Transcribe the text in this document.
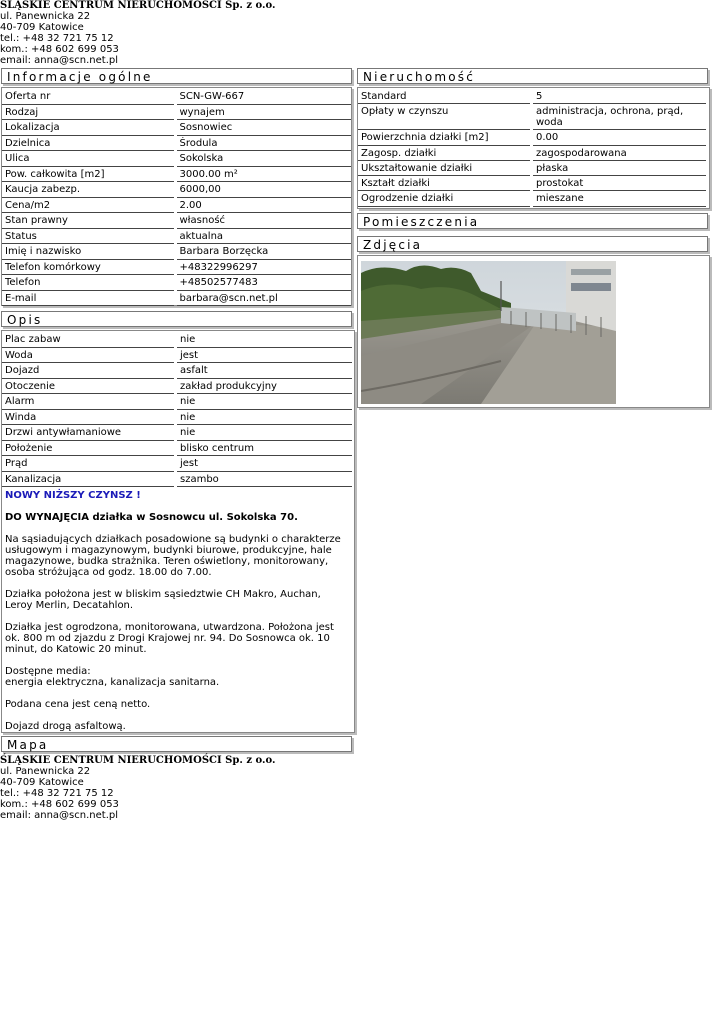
ŚLĄSKIE CENTRUM NIERUCHOMOŚCI Sp. z o.o.
ul. Panewnicka 22
40-709 Katowice
tel.: +48 32 721 75 12
kom.: +48 602 699 053
email: anna@scn.net.pl
Informacje ogólne
Oferta nr	SCN-GW-667
Rodzaj	wynajem
Lokalizacja	Sosnowiec
Dzielnica	Środula
Ulica	Sokolska
Pow. całkowita [m2]	3000.00 m²
Kaucja zabezp.	6000,00
Cena/m2	2.00
Stan prawny	własność
Status	aktualna
Imię i nazwisko	Barbara Borzęcka
Telefon komórkowy	+48322996297
Telefon	+48502577483
E-mail	barbara@scn.net.pl
Opis
Plac zabaw	nie
Woda	jest
Dojazd	asfalt
Otoczenie	zakład produkcyjny
Alarm	nie
Winda	nie
Drzwi antywłamaniowe	nie
Położenie	blisko centrum
Prąd	jest
Kanalizacja	szambo

NOWY NIŻSZY CZYNSZ !

DO WYNAJĘCIA działka w Sosnowcu ul. Sokolska 70.

Na sąsiadujących działkach posadowione są budynki o charakterze usługowym i magazynowym, budynki biurowe, produkcyjne, hale magazynowe, budka strażnika. Teren oświetlony, monitorowany, osoba stróżująca od godz. 18.00 do 7.00.

Działka położona jest w bliskim sąsiedztwie CH Makro, Auchan, Leroy Merlin, Decatahlon.

Działka jest ogrodzona, monitorowana, utwardzona. Położona jest ok. 800 m od zjazdu z Drogi Krajowej nr. 94. Do Sosnowca ok. 10 minut, do Katowic 20 minut.

Dostępne media:
energia elektryczna, kanalizacja sanitarna.

Podana cena jest ceną netto.

Dojazd drogą asfaltową.

Mapa
ŚLĄSKIE CENTRUM NIERUCHOMOŚCI Sp. z o.o.
ul. Panewnicka 22
40-709 Katowice
tel.: +48 32 721 75 12
kom.: +48 602 699 053
email: anna@scn.net.pl
Nieruchomość
Standard	5
Opłaty w czynszu	administracja, ochrona, prąd, woda
Powierzchnia działki [m2]	0.00
Zagosp. działki	zagospodarowana
Ukształtowanie działki	płaska
Kształt działki	prostokat
Ogrodzenie działki	mieszane
Pomieszczenia
Zdjęcia
